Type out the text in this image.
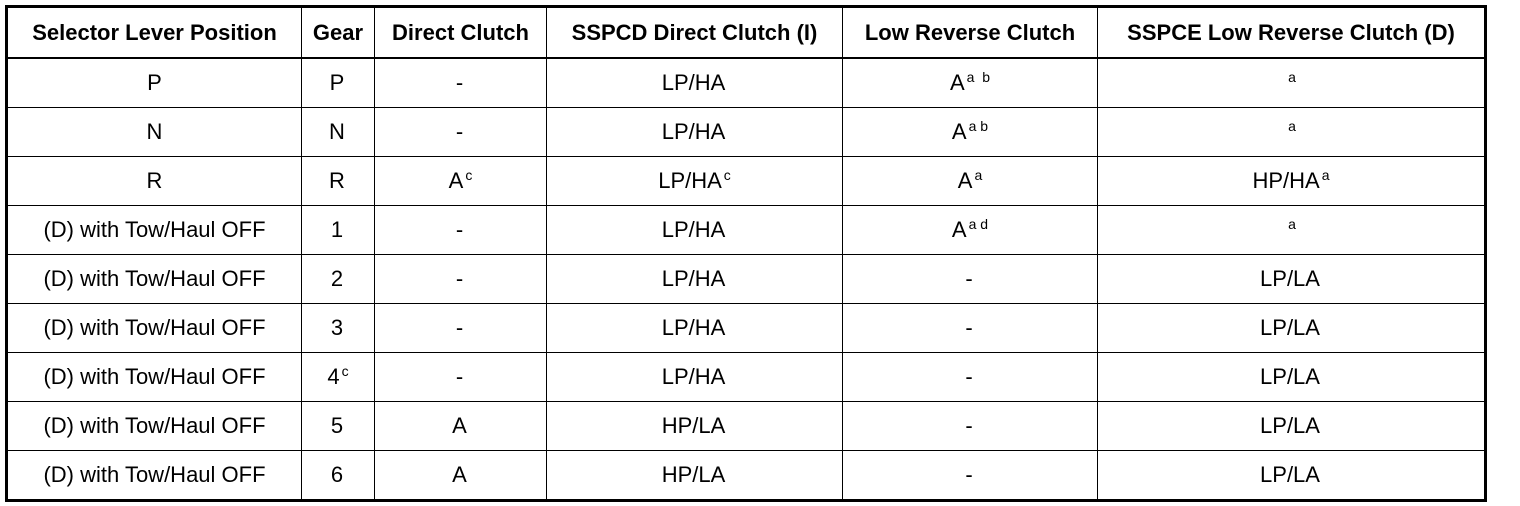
Selector Lever Position	Gear	Direct Clutch	SSPCD Direct Clutch (I)	Low Reverse Clutch	SSPCE Low Reverse Clutch (D)
P	P	-	LP/HA	A $^{a b}$	$^a$
N	N	-	LP/HA	A $^{a b}$	$^a$
R	R	A $^c$	LP/HA $^c$	A $^a$	HP/HA $^a$
(D) with Tow/Haul OFF	1	-	LP/HA	A $^{a d}$	$^a$
(D) with Tow/Haul OFF	2	-	LP/HA	-	LP/LA
(D) with Tow/Haul OFF	3	-	LP/HA	-	LP/LA
(D) with Tow/Haul OFF	4 $^c$	-	LP/HA	-	LP/LA
(D) with Tow/Haul OFF	5	A	HP/LA	-	LP/LA
(D) with Tow/Haul OFF	6	A	HP/LA	-	LP/LA
